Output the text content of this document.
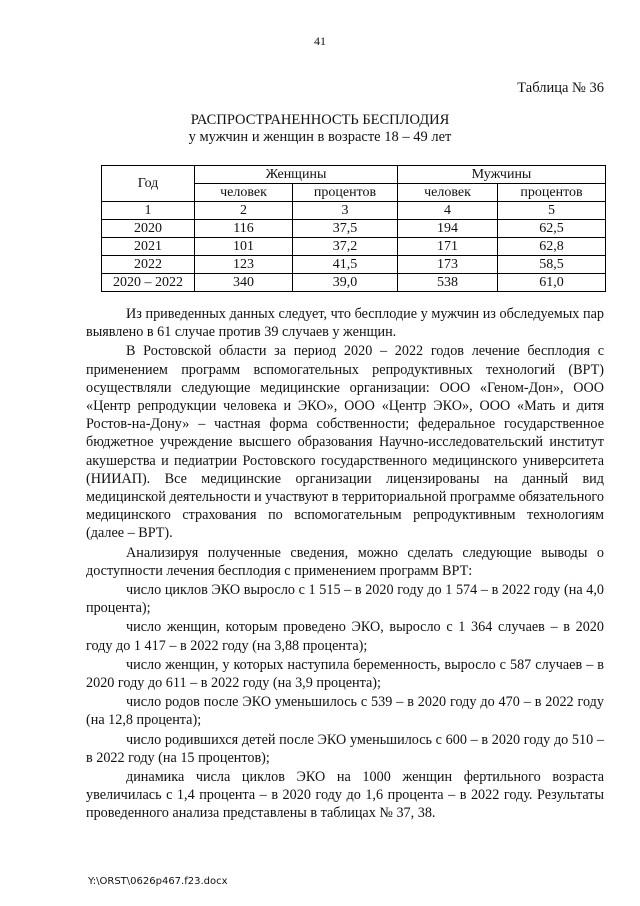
41
Таблица № 36
РАСПРОСТРАНЕННОСТЬ БЕСПЛОДИЯ
у мужчин и женщин в возрасте 18 – 49 лет
Год	Женщины		Мужчины	
	человек	процентов	человек	процентов
1	2	3	4	5
2020	116	37,5	194	62,5
2021	101	37,2	171	62,8
2022	123	41,5	173	58,5
2020 – 2022	340	39,0	538	61,0

Из приведенных данных следует, что бесплодие у мужчин из обследуемых пар выявлено в 61 случае против 39 случаев у женщин.

В Ростовской области за период 2020 – 2022 годов лечение бесплодия с применением программ вспомогательных репродуктивных технологий (ВРТ) осуществляли следующие медицинские организации: ООО «Геном-Дон», ООО «Центр репродукции человека и ЭКО», ООО «Центр ЭКО», ООО «Мать и дитя Ростов-на-Дону» – частная форма собственности; федеральное государственное бюджетное учреждение высшего образования Научно-исследовательский институт акушерства и педиатрии Ростовского государственного медицинского университета (НИИАП). Все медицинские организации лицензированы на данный вид медицинской деятельности и участвуют в территориальной программе обязательного медицинского страхования по вспомогательным репродуктивным технологиям (далее – ВРТ).

Анализируя полученные сведения, можно сделать следующие выводы о доступности лечения бесплодия с применением программ ВРТ:

число циклов ЭКО выросло с 1 515 – в 2020 году до 1 574 – в 2022 году (на 4,0 процента);

число женщин, которым проведено ЭКО, выросло с 1 364 случаев – в 2020 году до 1 417 – в 2022 году (на 3,88 процента);

число женщин, у которых наступила беременность, выросло с 587 случаев – в 2020 году до 611 – в 2022 году (на 3,9 процента);

число родов после ЭКО уменьшилось с 539 – в 2020 году до 470 – в 2022 году (на 12,8 процента);

число родившихся детей после ЭКО уменьшилось с 600 – в 2020 году до 510 – в 2022 году (на 15 процентов);

динамика числа циклов ЭКО на 1000 женщин фертильного возраста увеличилась с 1,4 процента – в 2020 году до 1,6 процента – в 2022 году. Результаты проведенного анализа представлены в таблицах № 37, 38.

Y:\ORST\0626p467.f23.docx
